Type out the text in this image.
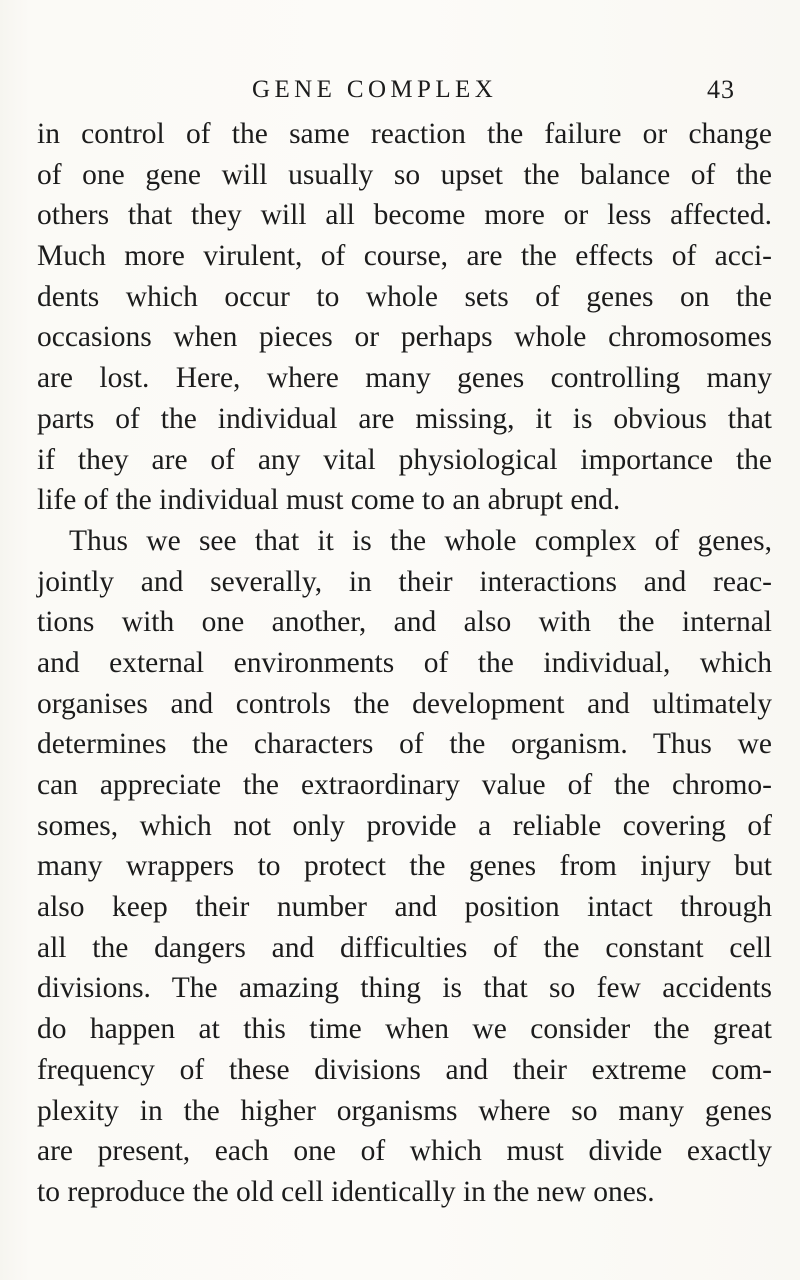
GENE COMPLEX	43
in control of the same reaction the failure or change
of one gene will usually so upset the balance of the
others that they will all become more or less affected.
Much more virulent, of course, are the effects of acci-
dents which occur to whole sets of genes on the
occasions when pieces or perhaps whole chromosomes
are lost. Here, where many genes controlling many
parts of the individual are missing, it is obvious that
if they are of any vital physiological importance the
life of the individual must come to an abrupt end.
Thus we see that it is the whole complex of genes,
jointly and severally, in their interactions and reac-
tions with one another, and also with the internal
and external environments of the individual, which
organises and controls the development and ultimately
determines the characters of the organism. Thus we
can appreciate the extraordinary value of the chromo-
somes, which not only provide a reliable covering of
many wrappers to protect the genes from injury but
also keep their number and position intact through
all the dangers and difficulties of the constant cell
divisions. The amazing thing is that so few accidents
do happen at this time when we consider the great
frequency of these divisions and their extreme com-
plexity in the higher organisms where so many genes
are present, each one of which must divide exactly
to reproduce the old cell identically in the new ones.
